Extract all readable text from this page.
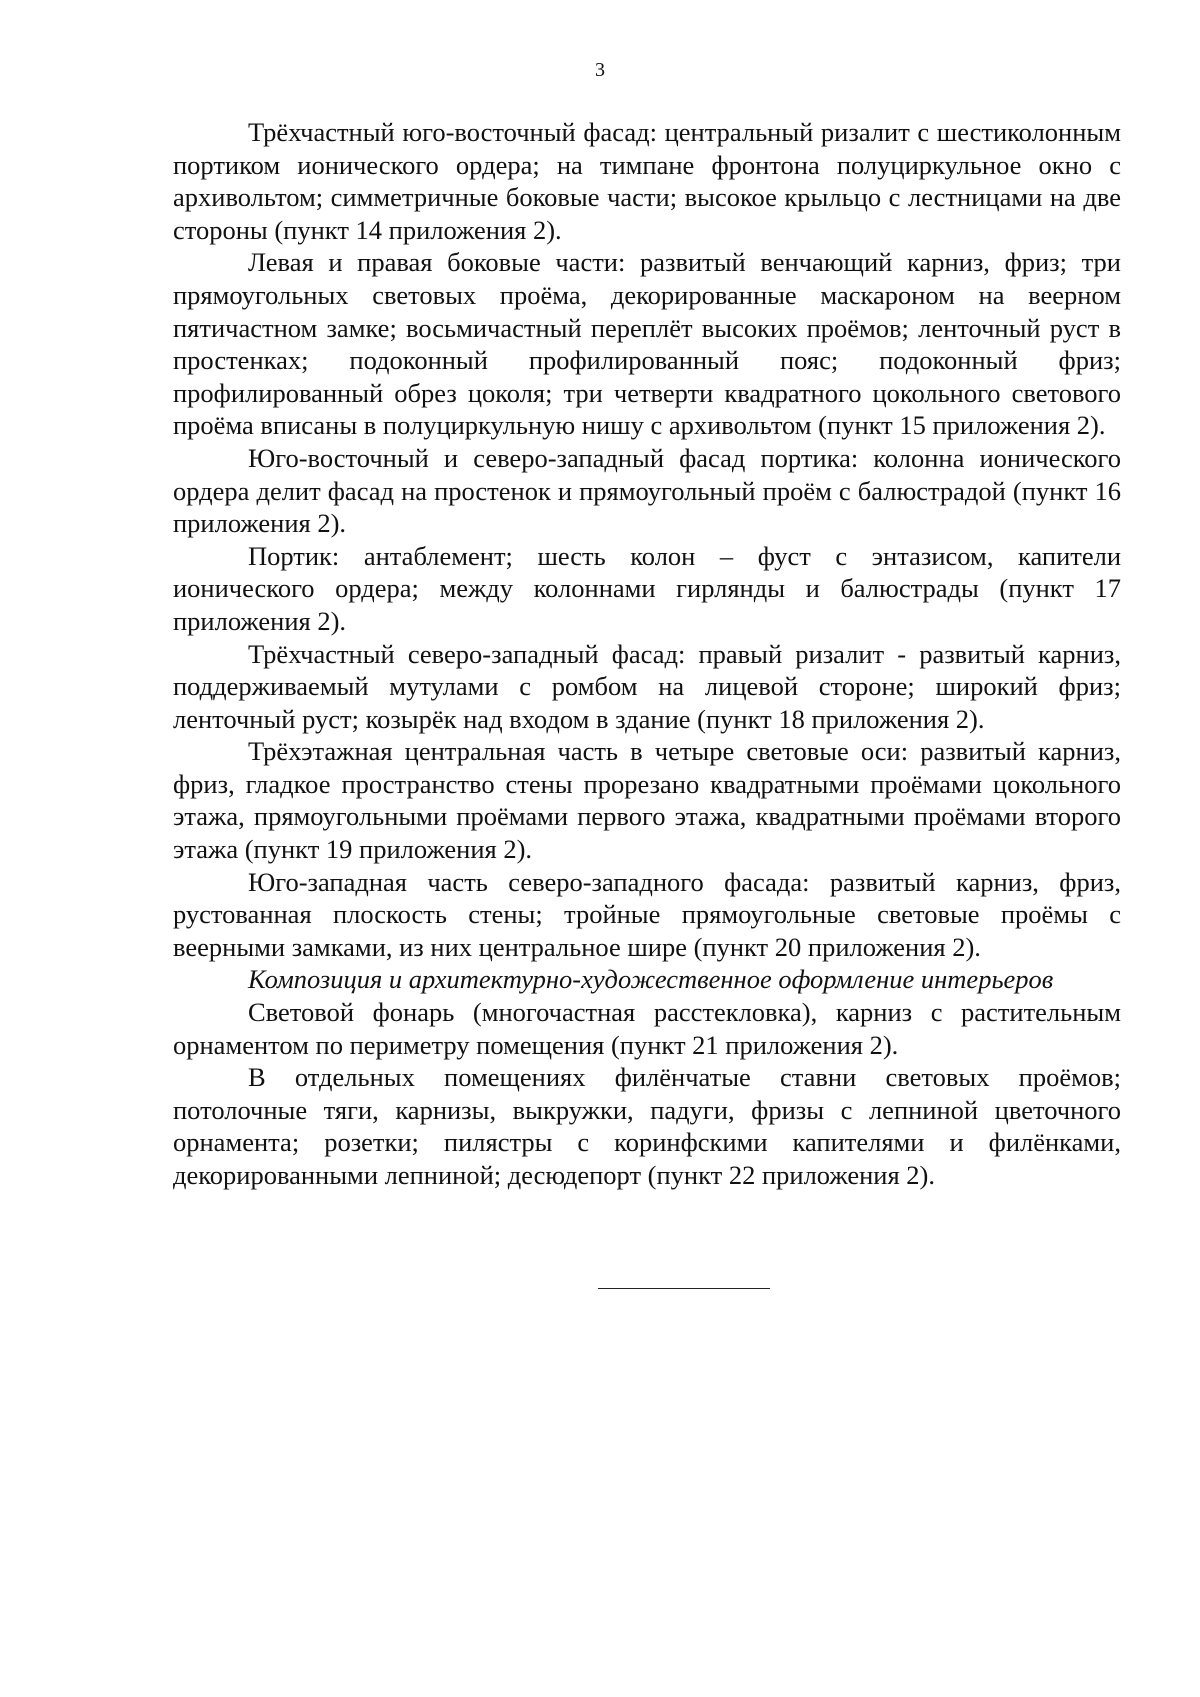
3

Трёхчастный юго-восточный фасад: центральный ризалит с шестиколонным портиком ионического ордера; на тимпане фронтона полуциркульное окно с архивольтом; симметричные боковые части; высокое крыльцо с лестницами на две стороны (пункт 14 приложения 2).

Левая и правая боковые части: развитый венчающий карниз, фриз; три прямоугольных световых проёма, декорированные маскароном на веерном пятичастном замке; восьмичастный переплёт высоких проёмов; ленточный руст в простенках; подоконный профилированный пояс; подоконный фриз; профилированный обрез цоколя; три четверти квадратного цокольного светового проёма вписаны в полуциркульную нишу с архивольтом (пункт 15 приложения 2).

Юго-восточный и северо-западный фасад портика: колонна ионического ордера делит фасад на простенок и прямоугольный проём с балюстрадой (пункт 16 приложения 2).

Портик: антаблемент; шесть колон – фуст с энтазисом, капители ионического ордера; между колоннами гирлянды и балюстрады (пункт 17 приложения 2).

Трёхчастный северо-западный фасад: правый ризалит - развитый карниз, поддерживаемый мутулами с ромбом на лицевой стороне; широкий фриз; ленточный руст; козырёк над входом в здание (пункт 18 приложения 2).

Трёхэтажная центральная часть в четыре световые оси: развитый карниз, фриз, гладкое пространство стены прорезано квадратными проёмами цокольного этажа, прямоугольными проёмами первого этажа, квадратными проёмами второго этажа (пункт 19 приложения 2).

Юго-западная часть северо-западного фасада: развитый карниз, фриз, рустованная плоскость стены; тройные прямоугольные световые проёмы с веерными замками, из них центральное шире (пункт 20 приложения 2).

Композиция и архитектурно-художественное оформление интерьеров

Световой фонарь (многочастная расстекловка), карниз с растительным орнаментом по периметру помещения (пункт 21 приложения 2).

В отдельных помещениях филёнчатые ставни световых проёмов; потолочные тяги, карнизы, выкружки, падуги, фризы с лепниной цветочного орнамента; розетки; пилястры с коринфскими капителями и филёнками, декорированными лепниной; десюдепорт (пункт 22 приложения 2).
